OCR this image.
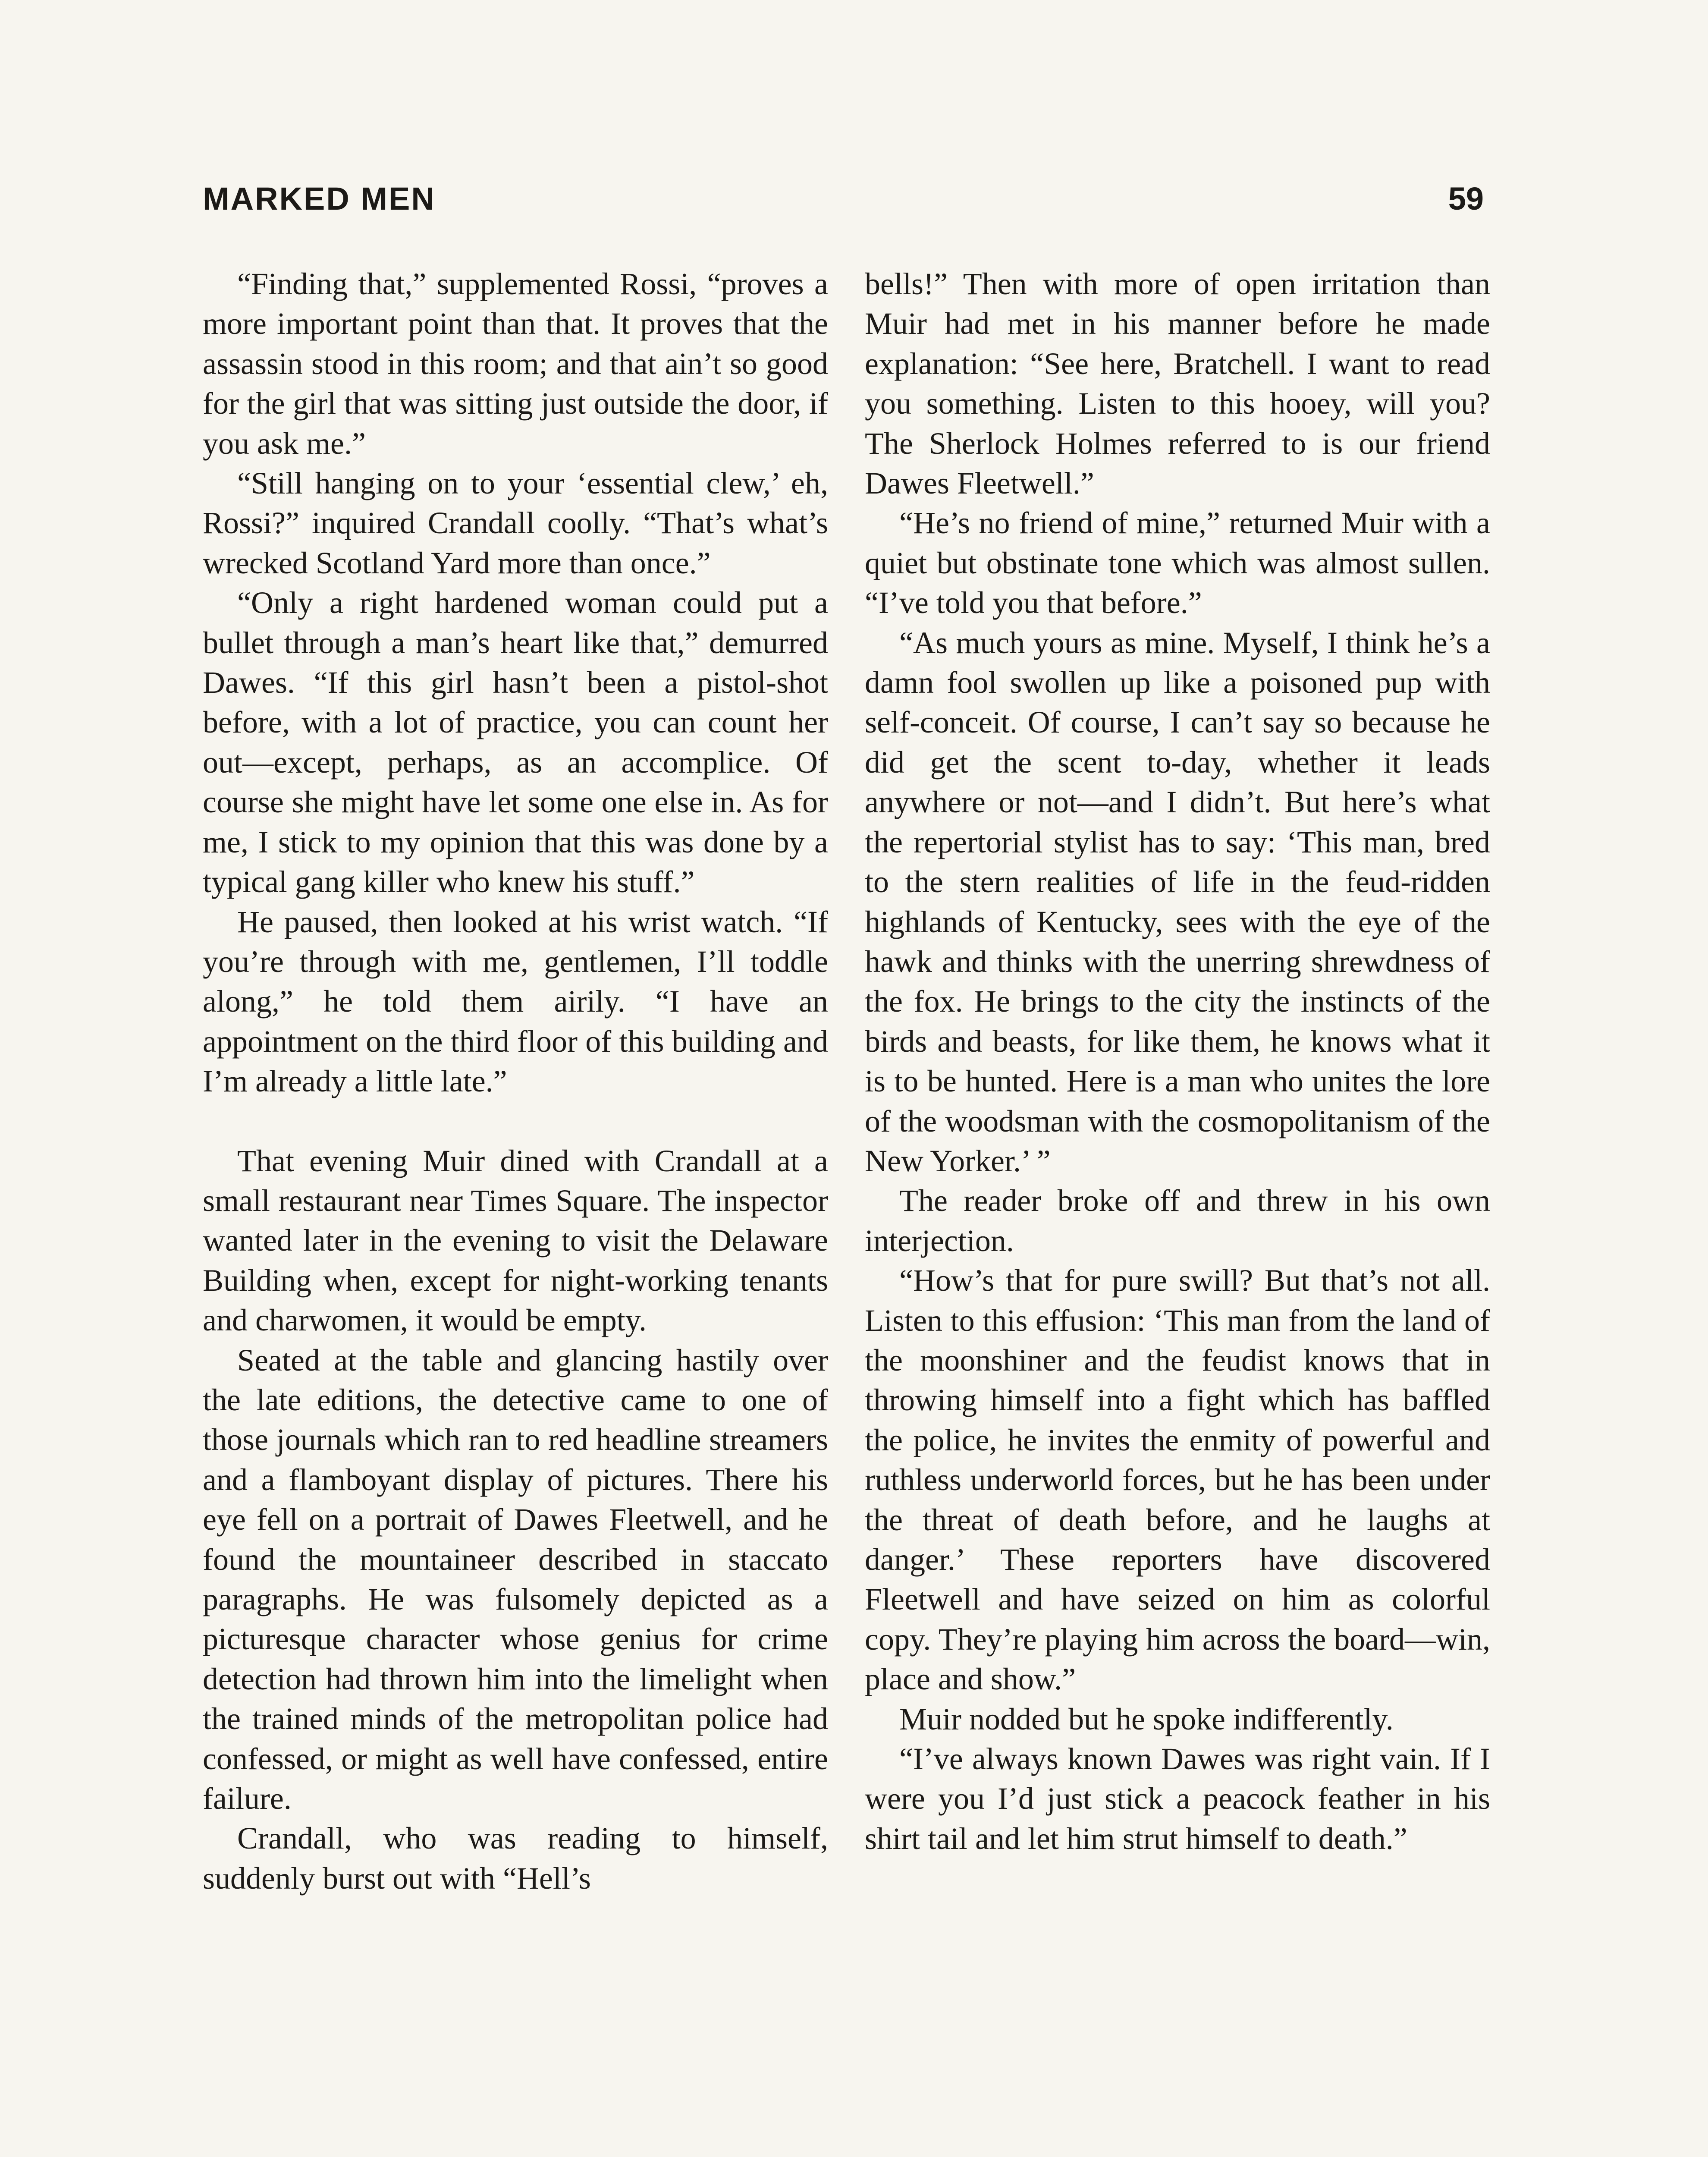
MARKED MEN	59

“Finding that,” supplemented Rossi, “proves a more important point than that. It proves that the assassin stood in this room; and that ain’t so good for the girl that was sitting just outside the door, if you ask me.”

“Still hanging on to your ‘essential clew,’ eh, Rossi?” inquired Crandall coolly. “That’s what’s wrecked Scotland Yard more than once.”

“Only a right hardened woman could put a bullet through a man’s heart like that,” demurred Dawes. “If this girl hasn’t been a pistol-shot before, with a lot of practice, you can count her out—except, perhaps, as an accomplice. Of course she might have let some one else in. As for me, I stick to my opinion that this was done by a typical gang killer who knew his stuff.”

He paused, then looked at his wrist watch. “If you’re through with me, gentlemen, I’ll toddle along,” he told them airily. “I have an appointment on the third floor of this building and I’m already a little late.”

That evening Muir dined with Crandall at a small restaurant near Times Square. The inspector wanted later in the evening to visit the Delaware Building when, except for night-working tenants and charwomen, it would be empty.

Seated at the table and glancing hastily over the late editions, the detective came to one of those journals which ran to red headline streamers and a flamboyant display of pictures. There his eye fell on a portrait of Dawes Fleetwell, and he found the mountaineer described in staccato paragraphs. He was fulsomely depicted as a picturesque character whose genius for crime detection had thrown him into the limelight when the trained minds of the metropolitan police had confessed, or might as well have confessed, entire failure.

Crandall, who was reading to himself, suddenly burst out with “Hell’s

bells!” Then with more of open irritation than Muir had met in his manner before he made explanation: “See here, Bratchell. I want to read you something. Listen to this hooey, will you? The Sherlock Holmes referred to is our friend Dawes Fleetwell.”

“He’s no friend of mine,” returned Muir with a quiet but obstinate tone which was almost sullen. “I’ve told you that before.”

“As much yours as mine. Myself, I think he’s a damn fool swollen up like a poisoned pup with self-conceit. Of course, I can’t say so because he did get the scent to-day, whether it leads anywhere or not—and I didn’t. But here’s what the repertorial stylist has to say: ‘This man, bred to the stern realities of life in the feud-ridden highlands of Kentucky, sees with the eye of the hawk and thinks with the unerring shrewdness of the fox. He brings to the city the instincts of the birds and beasts, for like them, he knows what it is to be hunted. Here is a man who unites the lore of the woodsman with the cosmopolitanism of the New Yorker.’ ”

The reader broke off and threw in his own interjection.

“How’s that for pure swill? But that’s not all. Listen to this effusion: ‘This man from the land of the moonshiner and the feudist knows that in throwing himself into a fight which has baffled the police, he invites the enmity of powerful and ruthless underworld forces, but he has been under the threat of death before, and he laughs at danger.’ These reporters have discovered Fleetwell and have seized on him as colorful copy. They’re playing him across the board—win, place and show.”

Muir nodded but he spoke indifferently.

“I’ve always known Dawes was right vain. If I were you I’d just stick a peacock feather in his shirt tail and let him strut himself to death.”
